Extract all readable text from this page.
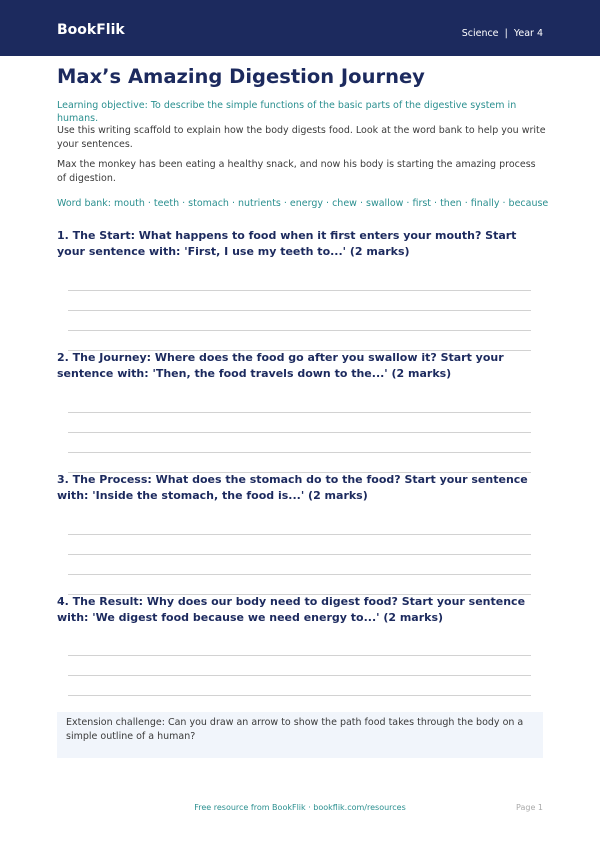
BookFlik	Science  |  Year 4
Max’s Amazing Digestion Journey
Learning objective: To describe the simple functions of the basic parts of the digestive system in humans.
Use this writing scaffold to explain how the body digests food. Look at the word bank to help you write your sentences.
Max the monkey has been eating a healthy snack, and now his body is starting the amazing process of digestion.
Word bank: mouth · teeth · stomach · nutrients · energy · chew · swallow · first · then · finally · because
1. The Start: What happens to food when it first enters your mouth? Start your sentence with: 'First, I use my teeth to...' (2 marks)
2. The Journey: Where does the food go after you swallow it? Start your sentence with: 'Then, the food travels down to the...' (2 marks)
3. The Process: What does the stomach do to the food? Start your sentence with: 'Inside the stomach, the food is...' (2 marks)
4. The Result: Why does our body need to digest food? Start your sentence with: 'We digest food because we need energy to...' (2 marks)
Extension challenge: Can you draw an arrow to show the path food takes through the body on a simple outline of a human?
Free resource from BookFlik · bookflik.com/resources	Page 1
